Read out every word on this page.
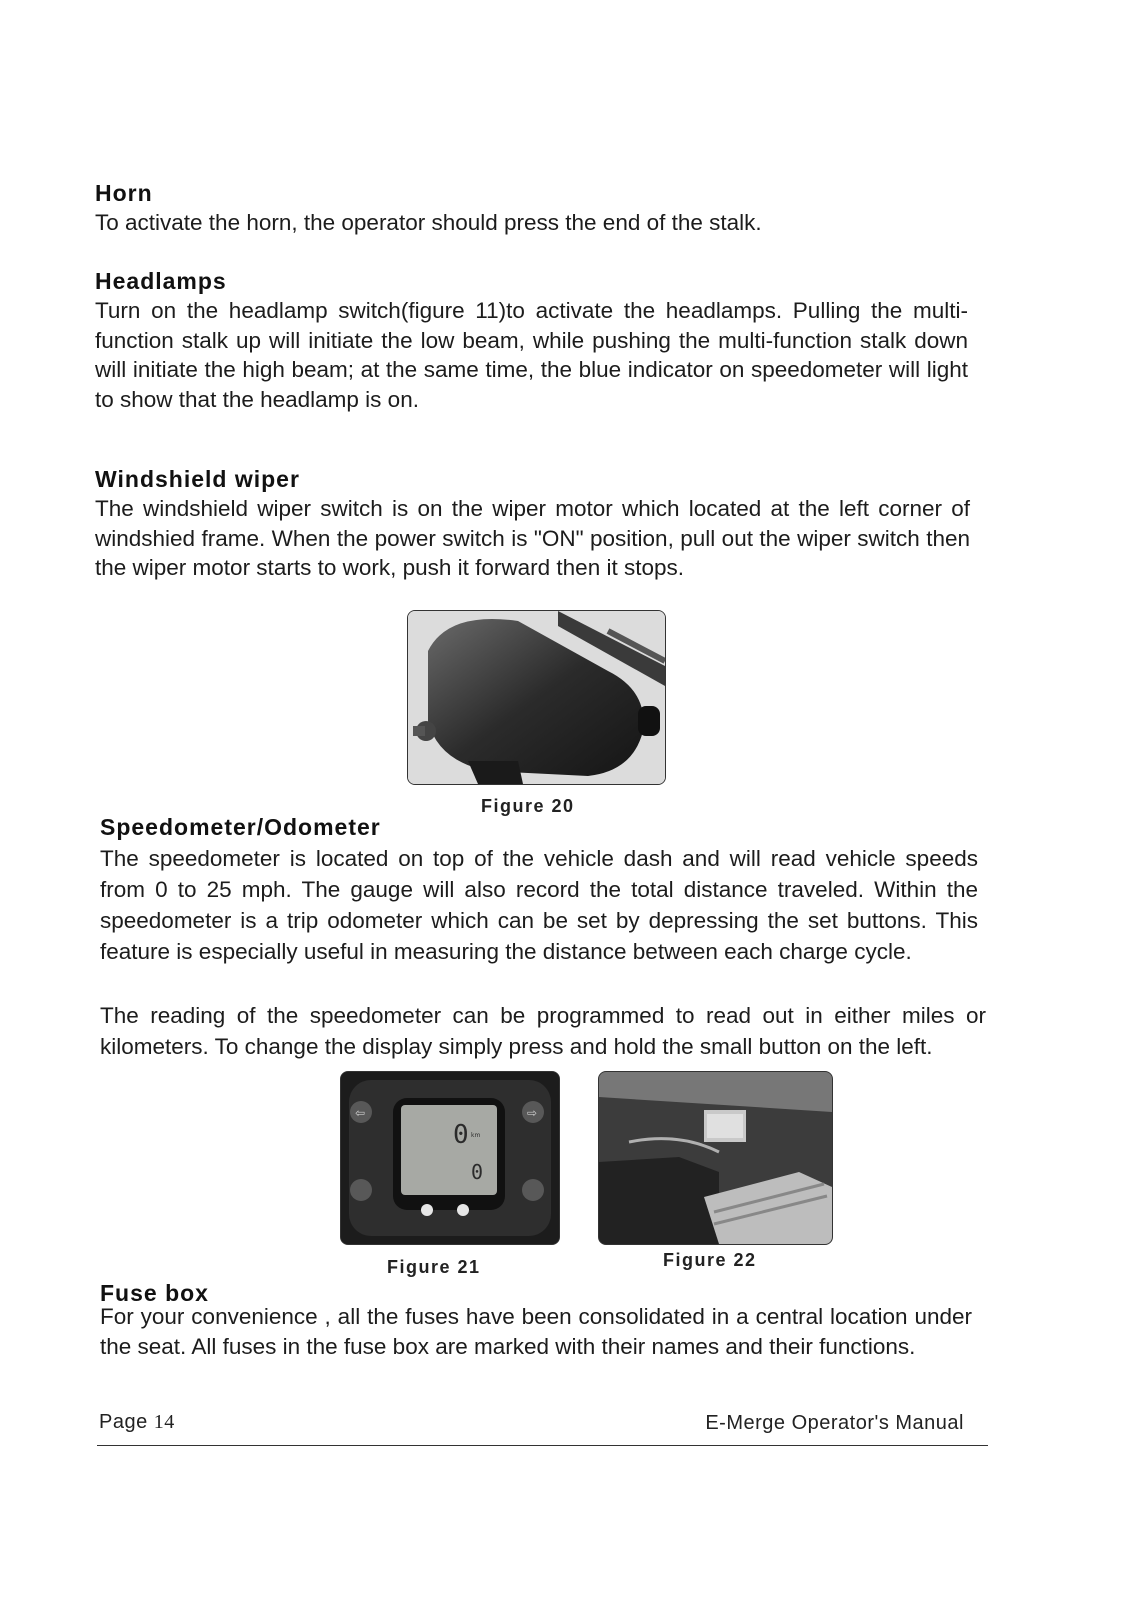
Horn

To activate the horn, the operator should press the end of the stalk.

Headlamps

Turn on the headlamp switch(figure 11)to activate the headlamps. Pulling the multi-function stalk up will initiate the low beam, while pushing the multi-function stalk down will initiate the high beam; at the same time, the blue indicator on speedometer will light to show that the headlamp is on.

Windshield wiper

The windshield wiper switch is on the wiper motor which located at the left corner of windshied frame. When the power switch is "ON" position, pull out the wiper switch then the wiper motor starts to work, push it forward then it stops.

Figure 20
Speedometer/Odometer

The speedometer is located on top of the vehicle dash and will read vehicle speeds from 0 to 25 mph. The gauge will also record the total distance traveled. Within the speedometer is a trip odometer which can be set by depressing the set buttons. This feature is especially useful in measuring the distance between each charge cycle.

The reading of the speedometer can be programmed to read out in either miles or kilometers. To change the display simply press and hold the small button on the left.

⇦	⇨
0 km
0
Figure 21	Figure 22
Fuse box

For your convenience , all the fuses have been consolidated in a central location under the seat. All fuses in the fuse box are marked with their names and their functions.

Page 14	E-Merge Operator's Manual
